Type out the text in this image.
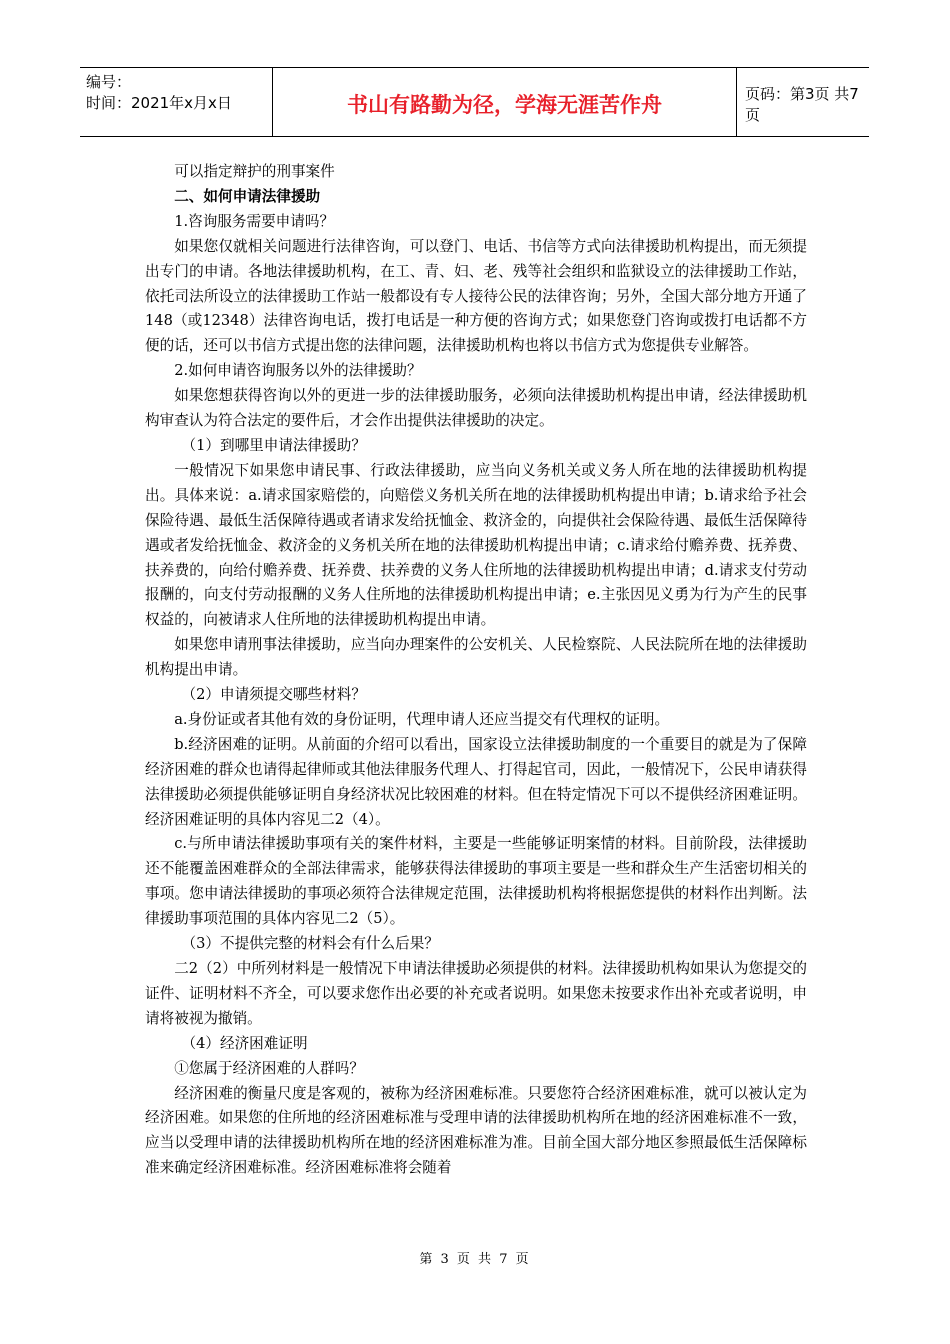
编号：
时间：2021年x月x日	书山有路勤为径，学海无涯苦作舟	页码：第3页 共7页

可以指定辩护的刑事案件

二、如何申请法律援助

1.咨询服务需要申请吗？

如果您仅就相关问题进行法律咨询，可以登门、电话、书信等方式向法律援助机构提出，而无须提出专门的申请。各地法律援助机构，在工、青、妇、老、残等社会组织和监狱设立的法律援助工作站，依托司法所设立的法律援助工作站一般都设有专人接待公民的法律咨询；另外，全国大部分地方开通了148（或12348）法律咨询电话，拨打电话是一种方便的咨询方式；如果您登门咨询或拨打电话都不方便的话，还可以书信方式提出您的法律问题，法律援助机构也将以书信方式为您提供专业解答。

2.如何申请咨询服务以外的法律援助？

如果您想获得咨询以外的更进一步的法律援助服务，必须向法律援助机构提出申请，经法律援助机构审查认为符合法定的要件后，才会作出提供法律援助的决定。

（1）到哪里申请法律援助？

一般情况下如果您申请民事、行政法律援助，应当向义务机关或义务人所在地的法律援助机构提出。具体来说：a.请求国家赔偿的，向赔偿义务机关所在地的法律援助机构提出申请；b.请求给予社会保险待遇、最低生活保障待遇或者请求发给抚恤金、救济金的，向提供社会保险待遇、最低生活保障待遇或者发给抚恤金、救济金的义务机关所在地的法律援助机构提出申请；c.请求给付赡养费、抚养费、扶养费的，向给付赡养费、抚养费、扶养费的义务人住所地的法律援助机构提出申请；d.请求支付劳动报酬的，向支付劳动报酬的义务人住所地的法律援助机构提出申请；e.主张因见义勇为行为产生的民事权益的，向被请求人住所地的法律援助机构提出申请。

如果您申请刑事法律援助，应当向办理案件的公安机关、人民检察院、人民法院所在地的法律援助机构提出申请。

（2）申请须提交哪些材料？

a.身份证或者其他有效的身份证明，代理申请人还应当提交有代理权的证明。

b.经济困难的证明。从前面的介绍可以看出，国家设立法律援助制度的一个重要目的就是为了保障经济困难的群众也请得起律师或其他法律服务代理人、打得起官司，因此，一般情况下，公民申请获得法律援助必须提供能够证明自身经济状况比较困难的材料。但在特定情况下可以不提供经济困难证明。经济困难证明的具体内容见二2（4）。

c.与所申请法律援助事项有关的案件材料，主要是一些能够证明案情的材料。目前阶段，法律援助还不能覆盖困难群众的全部法律需求，能够获得法律援助的事项主要是一些和群众生产生活密切相关的事项。您申请法律援助的事项必须符合法律规定范围，法律援助机构将根据您提供的材料作出判断。法律援助事项范围的具体内容见二2（5）。

（3）不提供完整的材料会有什么后果？

二2（2）中所列材料是一般情况下申请法律援助必须提供的材料。法律援助机构如果认为您提交的证件、证明材料不齐全，可以要求您作出必要的补充或者说明。如果您未按要求作出补充或者说明，申请将被视为撤销。

（4）经济困难证明

①您属于经济困难的人群吗？

经济困难的衡量尺度是客观的，被称为经济困难标准。只要您符合经济困难标准，就可以被认定为经济困难。如果您的住所地的经济困难标准与受理申请的法律援助机构所在地的经济困难标准不一致，应当以受理申请的法律援助机构所在地的经济困难标准为准。目前全国大部分地区参照最低生活保障标准来确定经济困难标准。经济困难标准将会随着

第 3 页 共 7 页
